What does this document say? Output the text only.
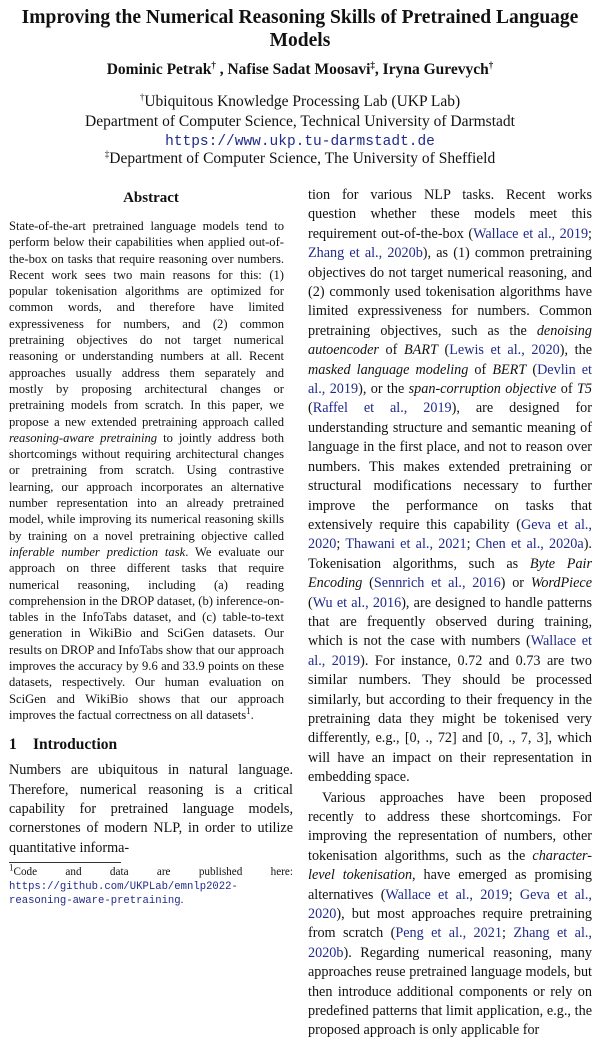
Improving the Numerical Reasoning Skills of Pretrained Language Models
Dominic Petrak† , Nafise Sadat Moosavi‡, Iryna Gurevych†
†Ubiquitous Knowledge Processing Lab (UKP Lab)
Department of Computer Science, Technical University of Darmstadt
https://www.ukp.tu-darmstadt.de
‡Department of Computer Science, The University of Sheffield
Abstract

State-of-the-art pretrained language models tend to perform below their capabilities when applied out-of-the-box on tasks that require reasoning over numbers. Recent work sees two main reasons for this: (1) popular tokenisation algorithms are optimized for common words, and therefore have limited expressiveness for numbers, and (2) common pretraining objectives do not target numerical reasoning or understanding numbers at all. Recent approaches usually address them separately and mostly by proposing architectural changes or pretraining models from scratch. In this paper, we propose a new extended pretraining approach called reasoning-aware pretraining to jointly address both shortcomings without requiring architectural changes or pretraining from scratch. Using contrastive learning, our approach incorporates an alternative number representation into an already pretrained model, while improving its numerical reasoning skills by training on a novel pretraining objective called inferable number prediction task. We evaluate our approach on three different tasks that require numerical reasoning, including (a) reading comprehension in the DROP dataset, (b) inference-on-tables in the InfoTabs dataset, and (c) table-to-text generation in WikiBio and SciGen datasets. Our results on DROP and InfoTabs show that our approach improves the accuracy by 9.6 and 33.9 points on these datasets, respectively. Our human evaluation on SciGen and WikiBio shows that our approach improves the factual correctness on all datasets$^1$.

1 Introduction

Numbers are ubiquitous in natural language. Therefore, numerical reasoning is a critical capability for pretrained language models, cornerstones of modern NLP, in order to utilize quantitative informa-

$^1$Code and data are published here: https://github.com/UKPLab/emnlp2022-reasoning-aware-pretraining.

tion for various NLP tasks. Recent works question whether these models meet this requirement out-of-the-box (Wallace et al., 2019; Zhang et al., 2020b), as (1) common pretraining objectives do not target numerical reasoning, and (2) commonly used tokenisation algorithms have limited expressiveness for numbers. Common pretraining objectives, such as the denoising autoencoder of BART (Lewis et al., 2020), the masked language modeling of BERT (Devlin et al., 2019), or the span-corruption objective of T5 (Raffel et al., 2019), are designed for understanding structure and semantic meaning of language in the first place, and not to reason over numbers. This makes extended pretraining or structural modifications necessary to further improve the performance on tasks that extensively require this capability (Geva et al., 2020; Thawani et al., 2021; Chen et al., 2020a). Tokenisation algorithms, such as Byte Pair Encoding (Sennrich et al., 2016) or WordPiece (Wu et al., 2016), are designed to handle patterns that are frequently observed during training, which is not the case with numbers (Wallace et al., 2019). For instance, 0.72 and 0.73 are two similar numbers. They should be processed similarly, but according to their frequency in the pretraining data they might be tokenised very differently, e.g., [0, ., 72] and [0, ., 7, 3], which will have an impact on their representation in embedding space.

Various approaches have been proposed recently to address these shortcomings. For improving the representation of numbers, other tokenisation algorithms, such as the character-level tokenisation, have emerged as promising alternatives (Wallace et al., 2019; Geva et al., 2020), but most approaches require pretraining from scratch (Peng et al., 2021; Zhang et al., 2020b). Regarding numerical reasoning, many approaches reuse pretrained language models, but then introduce additional components or rely on predefined patterns that limit application, e.g., the proposed approach is only applicable for
